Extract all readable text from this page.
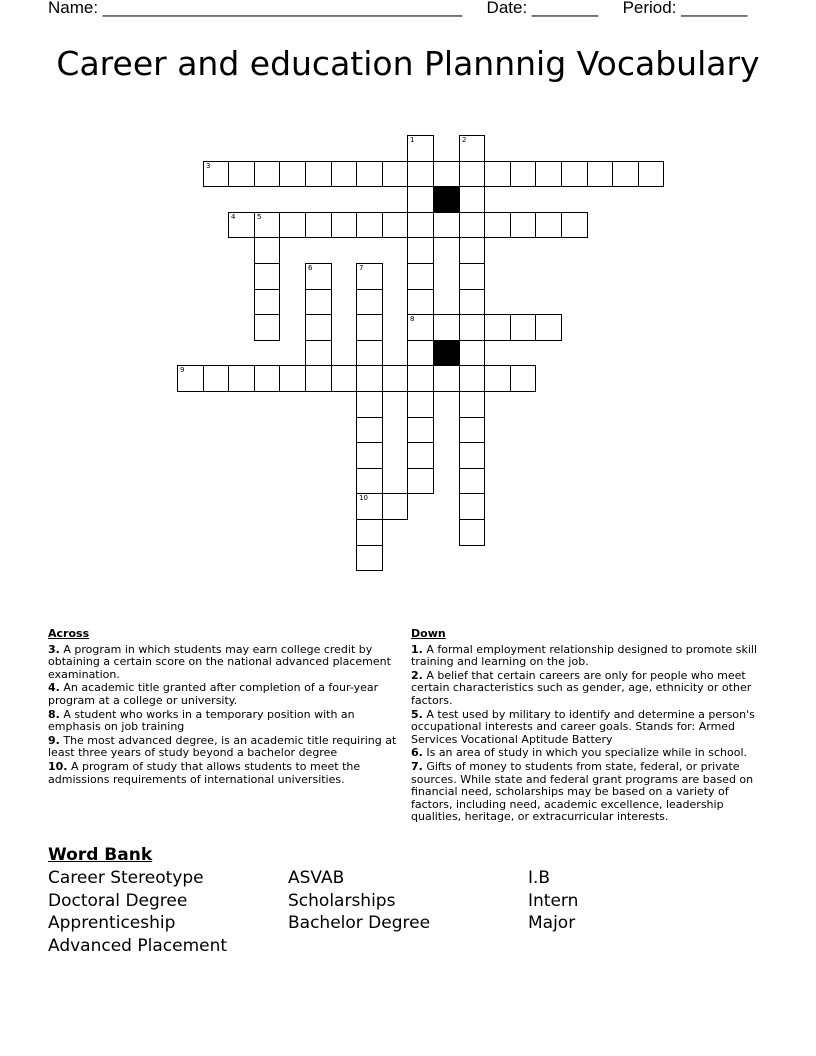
Name: ______________________________________ Date: _______ Period: _______
Career and education Plannnig Vocabulary
3
4	5
8
9
10
1	2
6	7
Across
3. A program in which students may earn college credit by obtaining a certain score on the national advanced placement examination.
4. An academic title granted after completion of a four-year program at a college or university.
8. A student who works in a temporary position with an emphasis on job training
9. The most advanced degree, is an academic title requiring at least three years of study beyond a bachelor degree
10. A program of study that allows students to meet the admissions requirements of international universities.
Down
1. A formal employment relationship designed to promote skill training and learning on the job.
2. A belief that certain careers are only for people who meet certain characteristics such as gender, age, ethnicity or other factors.
5. A test used by military to identify and determine a person's occupational interests and career goals. Stands for: Armed Services Vocational Aptitude Battery
6. Is an area of study in which you specialize while in school.
7. Gifts of money to students from state, federal, or private sources. While state and federal grant programs are based on financial need, scholarships may be based on a variety of factors, including need, academic excellence, leadership qualities, heritage, or extracurricular interests.
Word Bank
Career Stereotype	ASVAB	I.B
Doctoral Degree	Scholarships	Intern
Apprenticeship	Bachelor Degree	Major
Advanced Placement
